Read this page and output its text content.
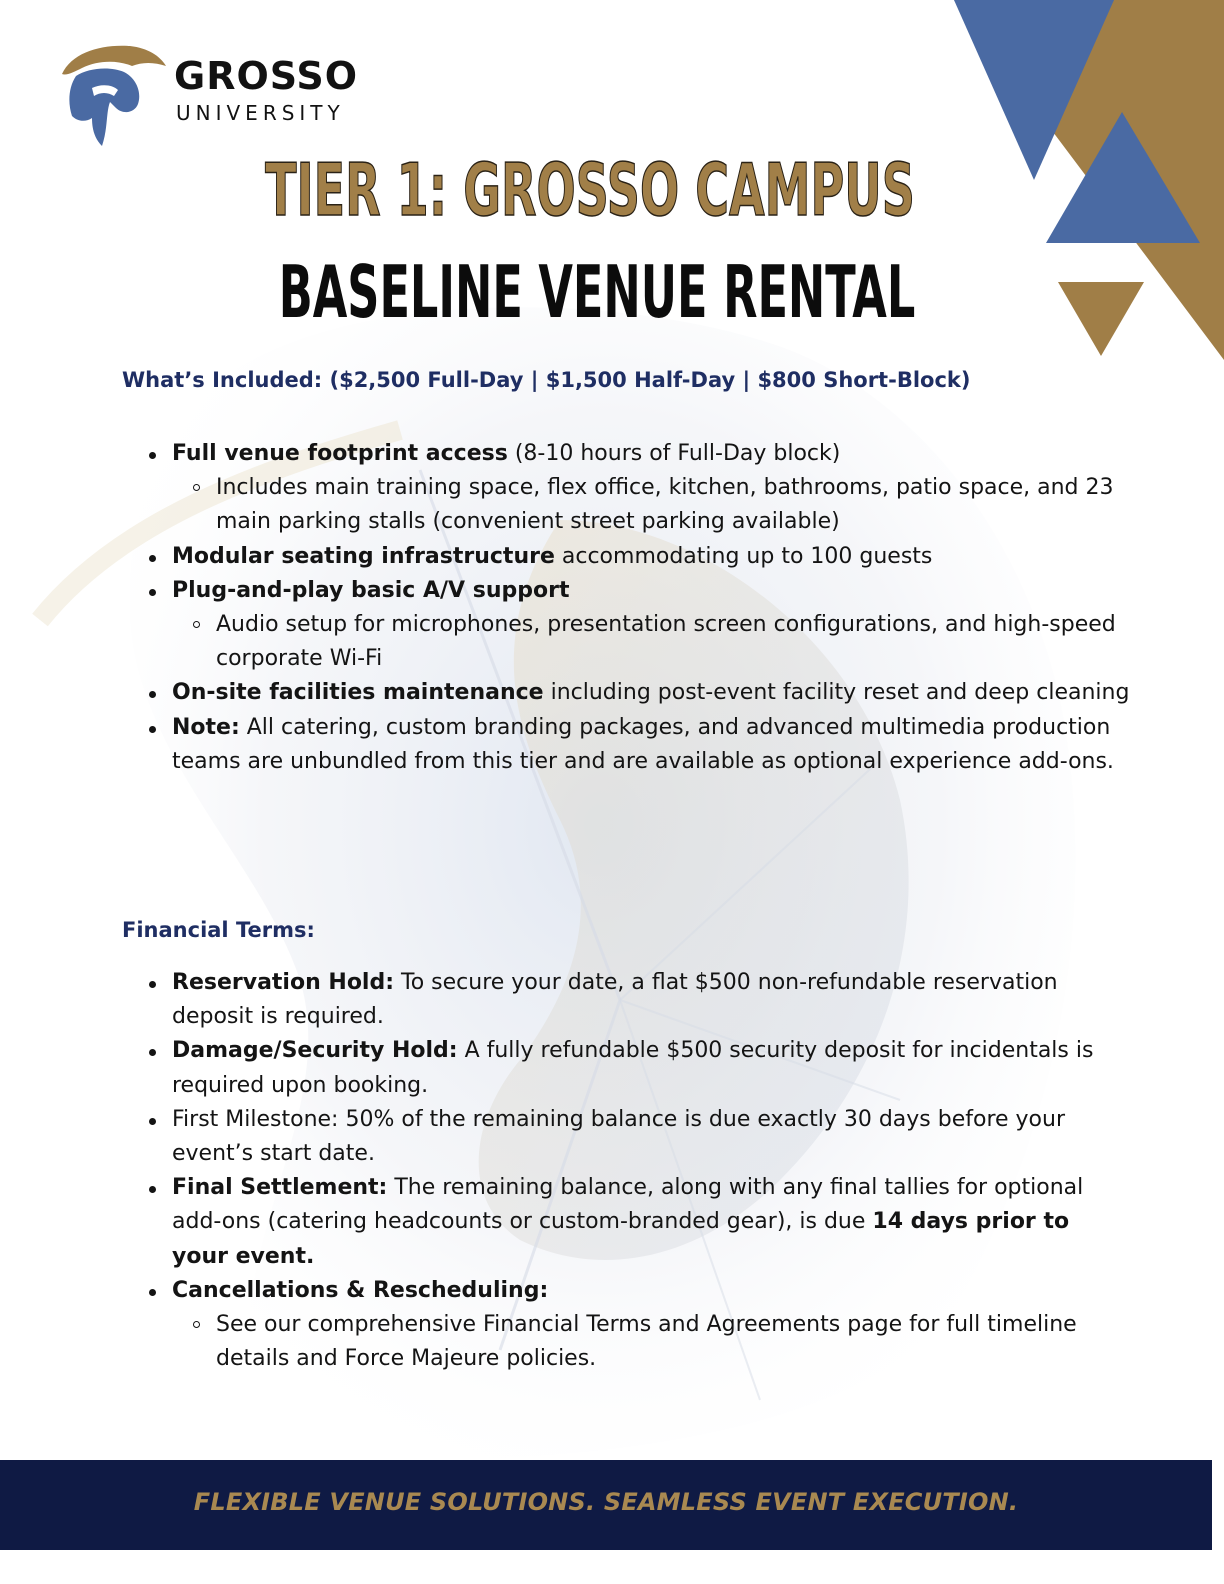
GROSSO
UNIVERSITY
TIER 1: GROSSO CAMPUS
BASELINE VENUE RENTAL
What’s Included: ($2,500 Full-Day | $1,500 Half-Day | $800 Short-Block)
Full venue footprint access (8-10 hours of Full-Day block)
Includes main training space, flex office, kitchen, bathrooms, patio space, and 23 main parking stalls (convenient street parking available)
Modular seating infrastructure accommodating up to 100 guests
Plug-and-play basic A/V support
Audio setup for microphones, presentation screen configurations, and high-speed corporate Wi-Fi
On-site facilities maintenance including post-event facility reset and deep cleaning
Note: All catering, custom branding packages, and advanced multimedia production teams are unbundled from this tier and are available as optional experience add-ons.
Financial Terms:
Reservation Hold: To secure your date, a flat $500 non-refundable reservation deposit is required.
Damage/Security Hold: A fully refundable $500 security deposit for incidentals is required upon booking.
First Milestone: 50% of the remaining balance is due exactly 30 days before your event’s start date.
Final Settlement: The remaining balance, along with any final tallies for optional add-ons (catering headcounts or custom-branded gear), is due 14 days prior to your event.
Cancellations & Rescheduling:
See our comprehensive Financial Terms and Agreements page for full timeline details and Force Majeure policies.
FLEXIBLE VENUE SOLUTIONS. SEAMLESS EVENT EXECUTION.
